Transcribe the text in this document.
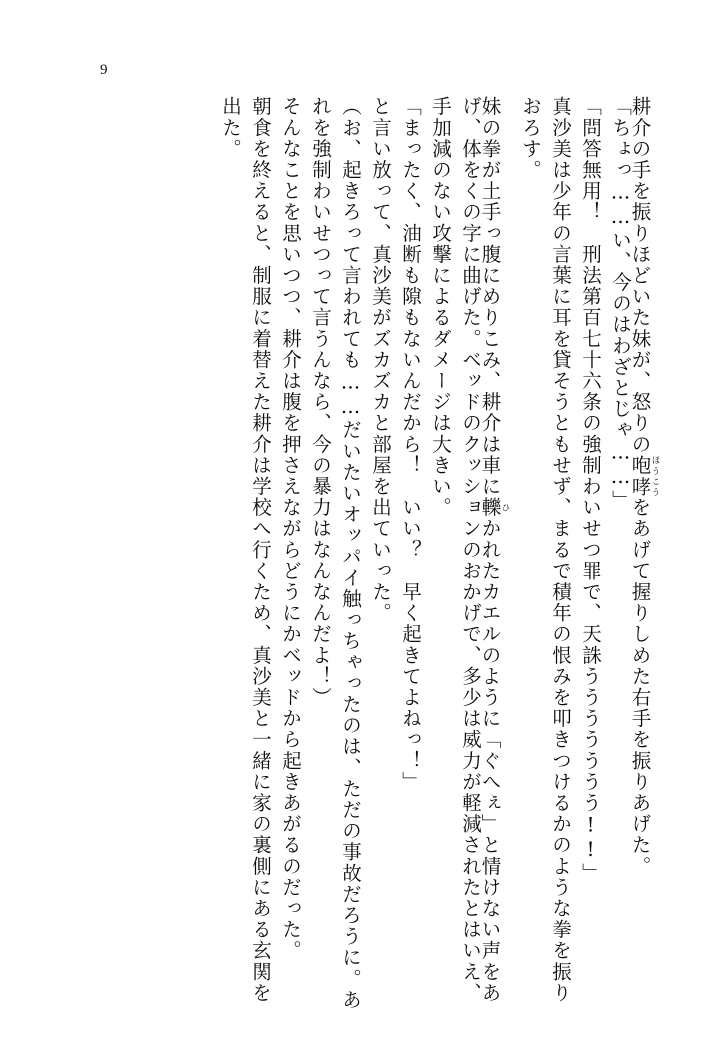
9
耕介の手を振りほどいた妹が、怒りの咆哮ほうこうをあげて握りしめた右手を振りあげた。
「ちょっ……い、今のはわざとじゃ……」
「問答無用！　刑法第百七十六条の強制わいせつ罪で、天誅ううううううう!!」
真沙美は少年の言葉に耳を貸そうともせず、まるで積年の恨みを叩きつけるかのような拳を振り
おろす。
妹の拳が土手っ腹にめりこみ、耕介は車に轢ひかれたカエルのように「ぐへぇ」と情けない声をあ
げ、体をくの字に曲げた。ベッドのクッションのおかげで、多少は威力が軽減されたとはいえ、
手加減のない攻撃によるダメージは大きい。
「まったく、油断も隙もないんだから！　いい？　早く起きてよねっ！」
と言い放って、真沙美がズカズカと部屋を出ていった。
（お、起きろって言われても……だいたいオッパイ触っちゃったのは、ただの事故だろうに。あ
れを強制わいせつって言うんなら、今の暴力はなんなんだよ！）
そんなことを思いつつ、耕介は腹を押さえながらどうにかベッドから起きあがるのだった。
朝食を終えると、制服に着替えた耕介は学校へ行くため、真沙美と一緒に家の裏側にある玄関を
出た。
